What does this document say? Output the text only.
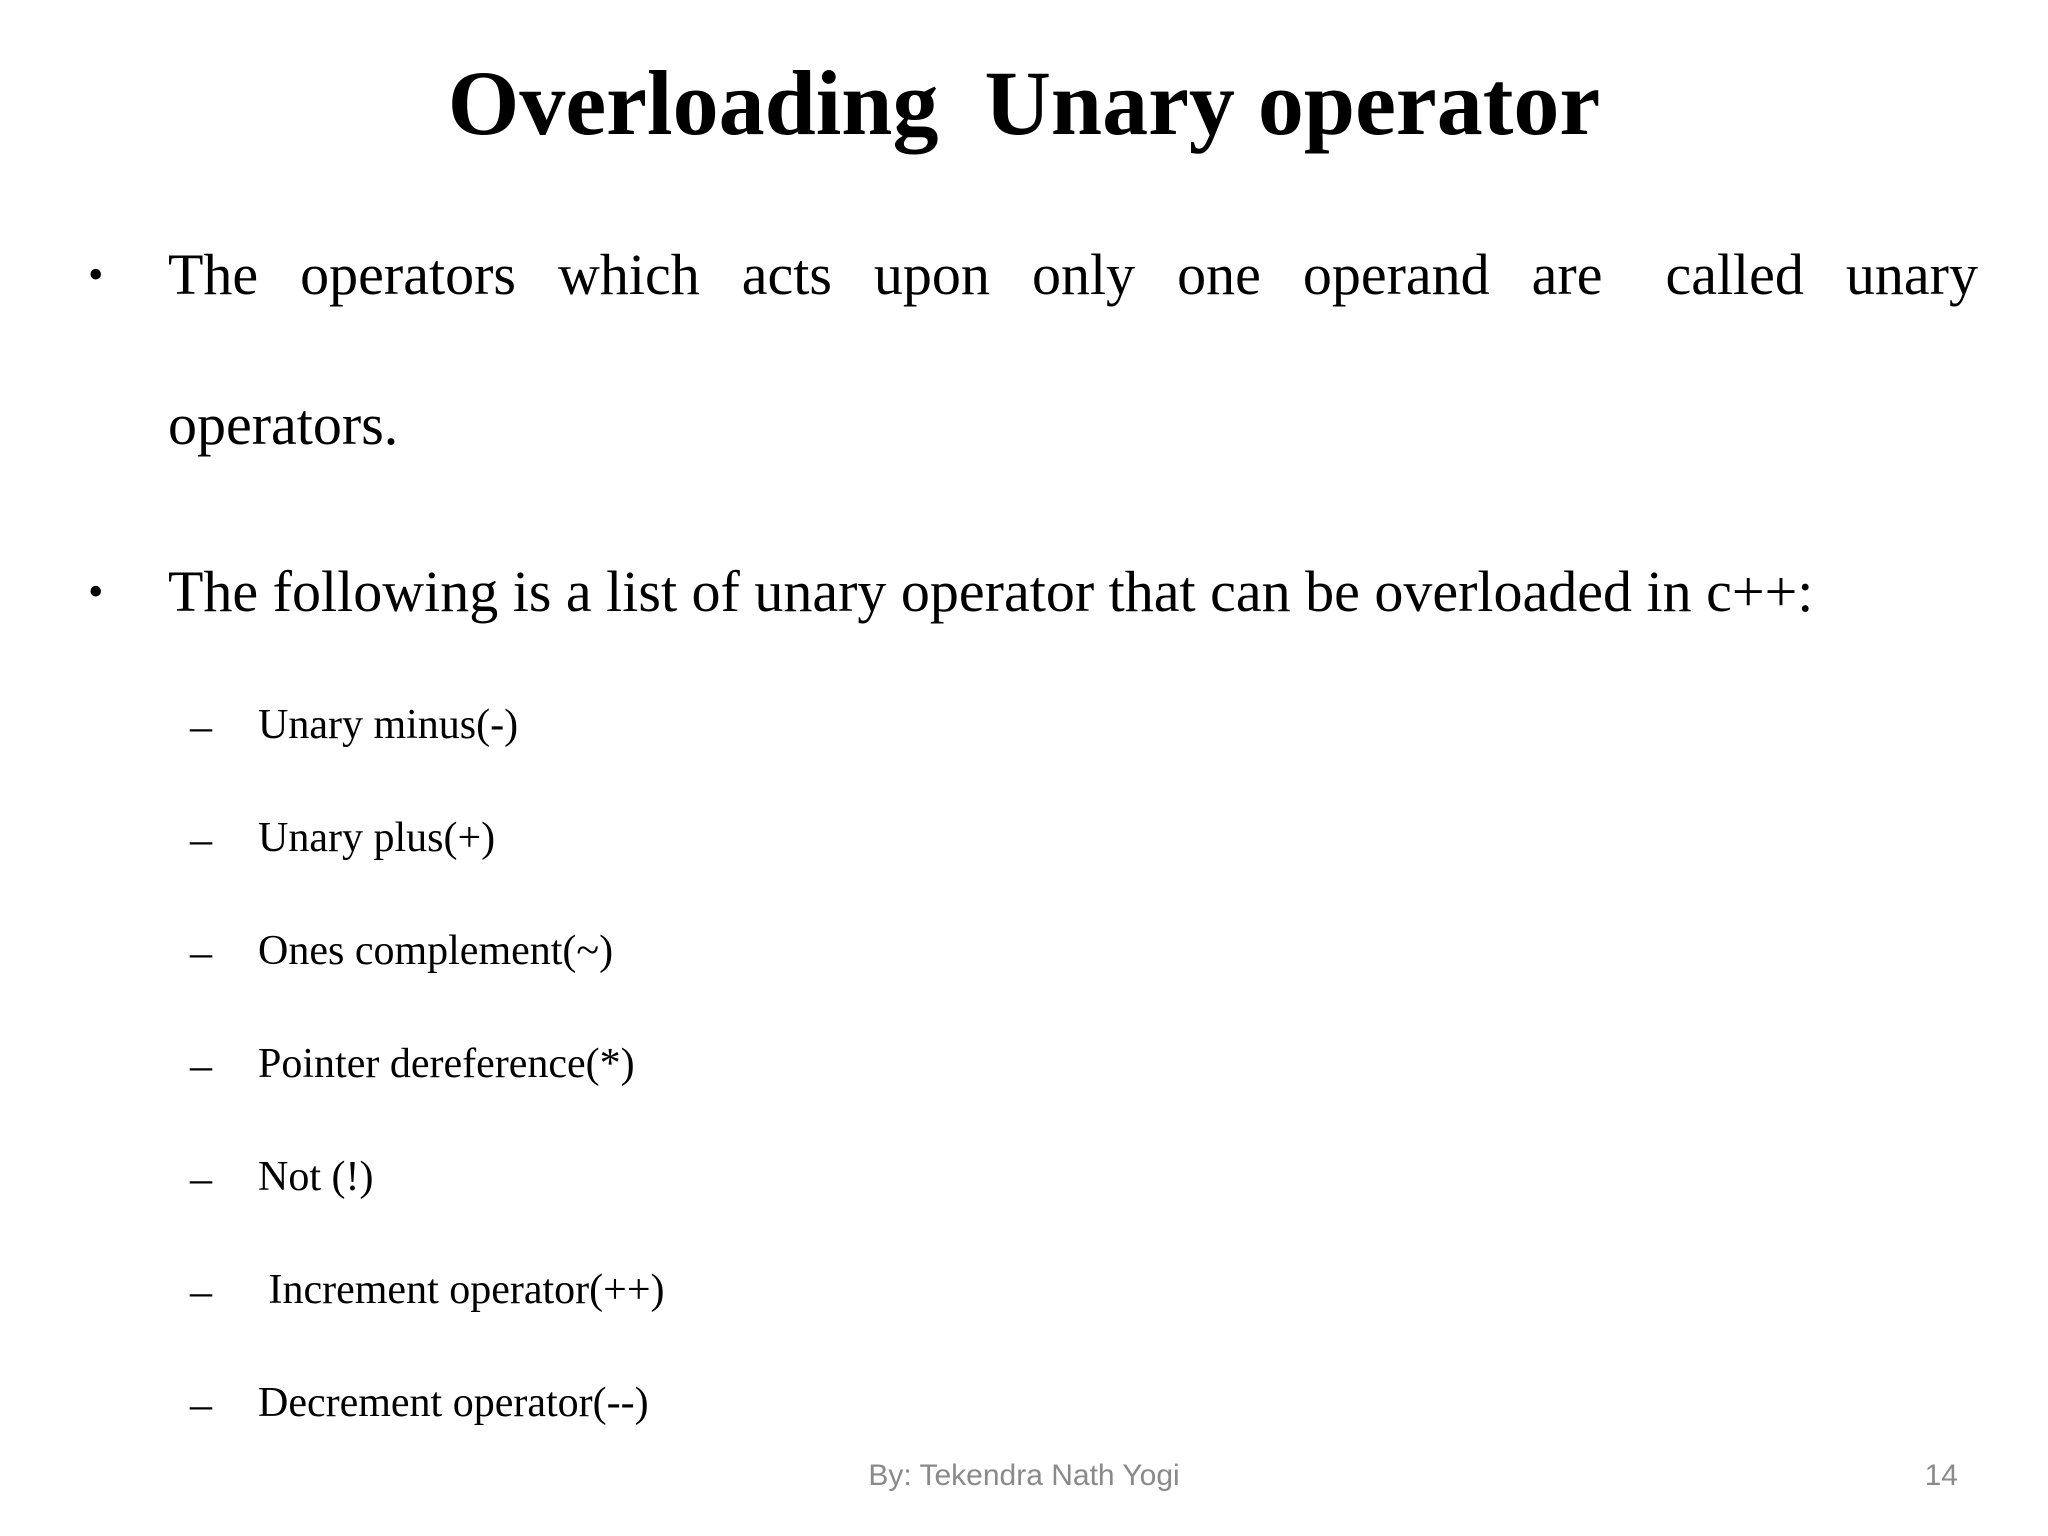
Overloading  Unary operator
• The  operators  which  acts  upon  only  one  operand  are   called  unary
operators.
• The following is a list of unary operator that can be overloaded in c++:
– Unary minus(-)
– Unary plus(+)
– Ones complement(~)
– Pointer dereference(*)
– Not (!)
– Increment operator(++)
– Decrement operator(--)
By: Tekendra Nath Yogi	14
